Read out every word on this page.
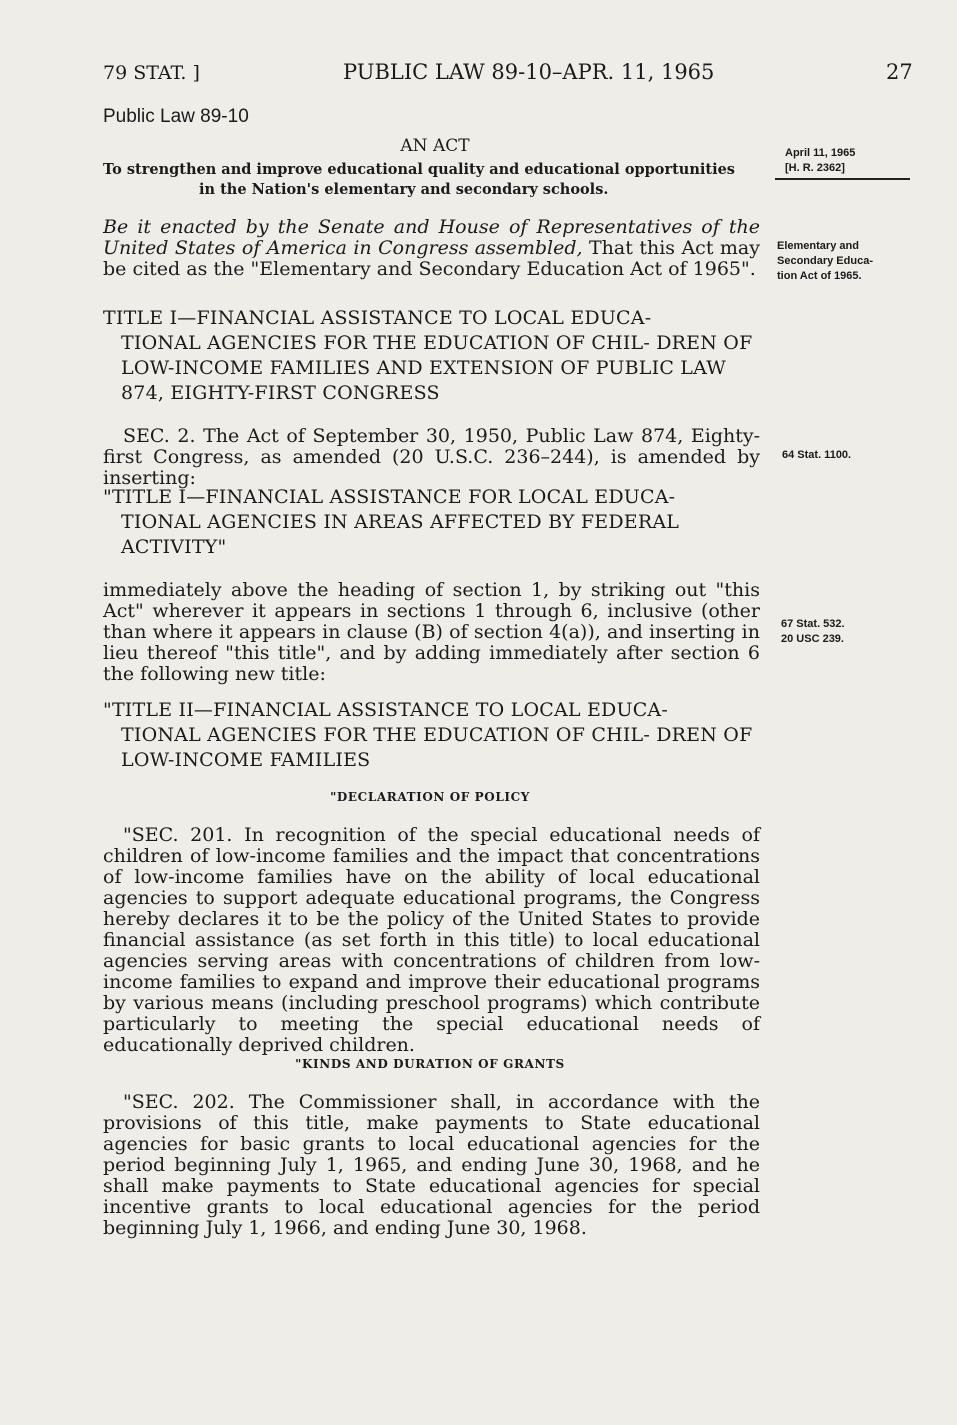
79 STAT. ]	PUBLIC LAW 89-10–APR. 11, 1965	27
Public Law 89-10
AN ACT
To strengthen and improve educational quality and educational opportunities
in the Nation's elementary and secondary schools.
April 11, 1965
[H. R. 2362]
Be it enacted by the Senate and House of Representatives of the United States of America in Congress assembled, That this Act may be cited as the "Elementary and Secondary Education Act of 1965".
Elementary and
Secondary Educa-
tion Act of 1965.
TITLE I—FINANCIAL ASSISTANCE TO LOCAL EDUCA-
TIONAL AGENCIES FOR THE EDUCATION OF CHIL- DREN OF LOW-INCOME FAMILIES AND EXTENSION OF PUBLIC LAW 874, EIGHTY-FIRST CONGRESS
SEC. 2. The Act of September 30, 1950, Public Law 874, Eighty-first Congress, as amended (20 U.S.C. 236–244), is amended by inserting:
64 Stat. 1100.
"TITLE I—FINANCIAL ASSISTANCE FOR LOCAL EDUCA-
TIONAL AGENCIES IN AREAS AFFECTED BY FEDERAL ACTIVITY"
immediately above the heading of section 1, by striking out "this Act" wherever it appears in sections 1 through 6, inclusive (other than where it appears in clause (B) of section 4(a)), and inserting in lieu thereof "this title", and by adding immediately after section 6 the following new title:
67 Stat. 532.
20 USC 239.
"TITLE II—FINANCIAL ASSISTANCE TO LOCAL EDUCA-
TIONAL AGENCIES FOR THE EDUCATION OF CHIL- DREN OF LOW-INCOME FAMILIES
"DECLARATION OF POLICY
"SEC. 201. In recognition of the special educational needs of children of low-income families and the impact that concentrations of low-income families have on the ability of local educational agencies to support adequate educational programs, the Congress hereby declares it to be the policy of the United States to provide financial assistance (as set forth in this title) to local educational agencies serving areas with concentrations of children from low-income families to expand and improve their educational programs by various means (including preschool programs) which contribute particularly to meeting the special educational needs of educationally deprived children.
"KINDS AND DURATION OF GRANTS
"SEC. 202. The Commissioner shall, in accordance with the provisions of this title, make payments to State educational agencies for basic grants to local educational agencies for the period beginning July 1, 1965, and ending June 30, 1968, and he shall make payments to State educational agencies for special incentive grants to local educational agencies for the period beginning July 1, 1966, and ending June 30, 1968.
